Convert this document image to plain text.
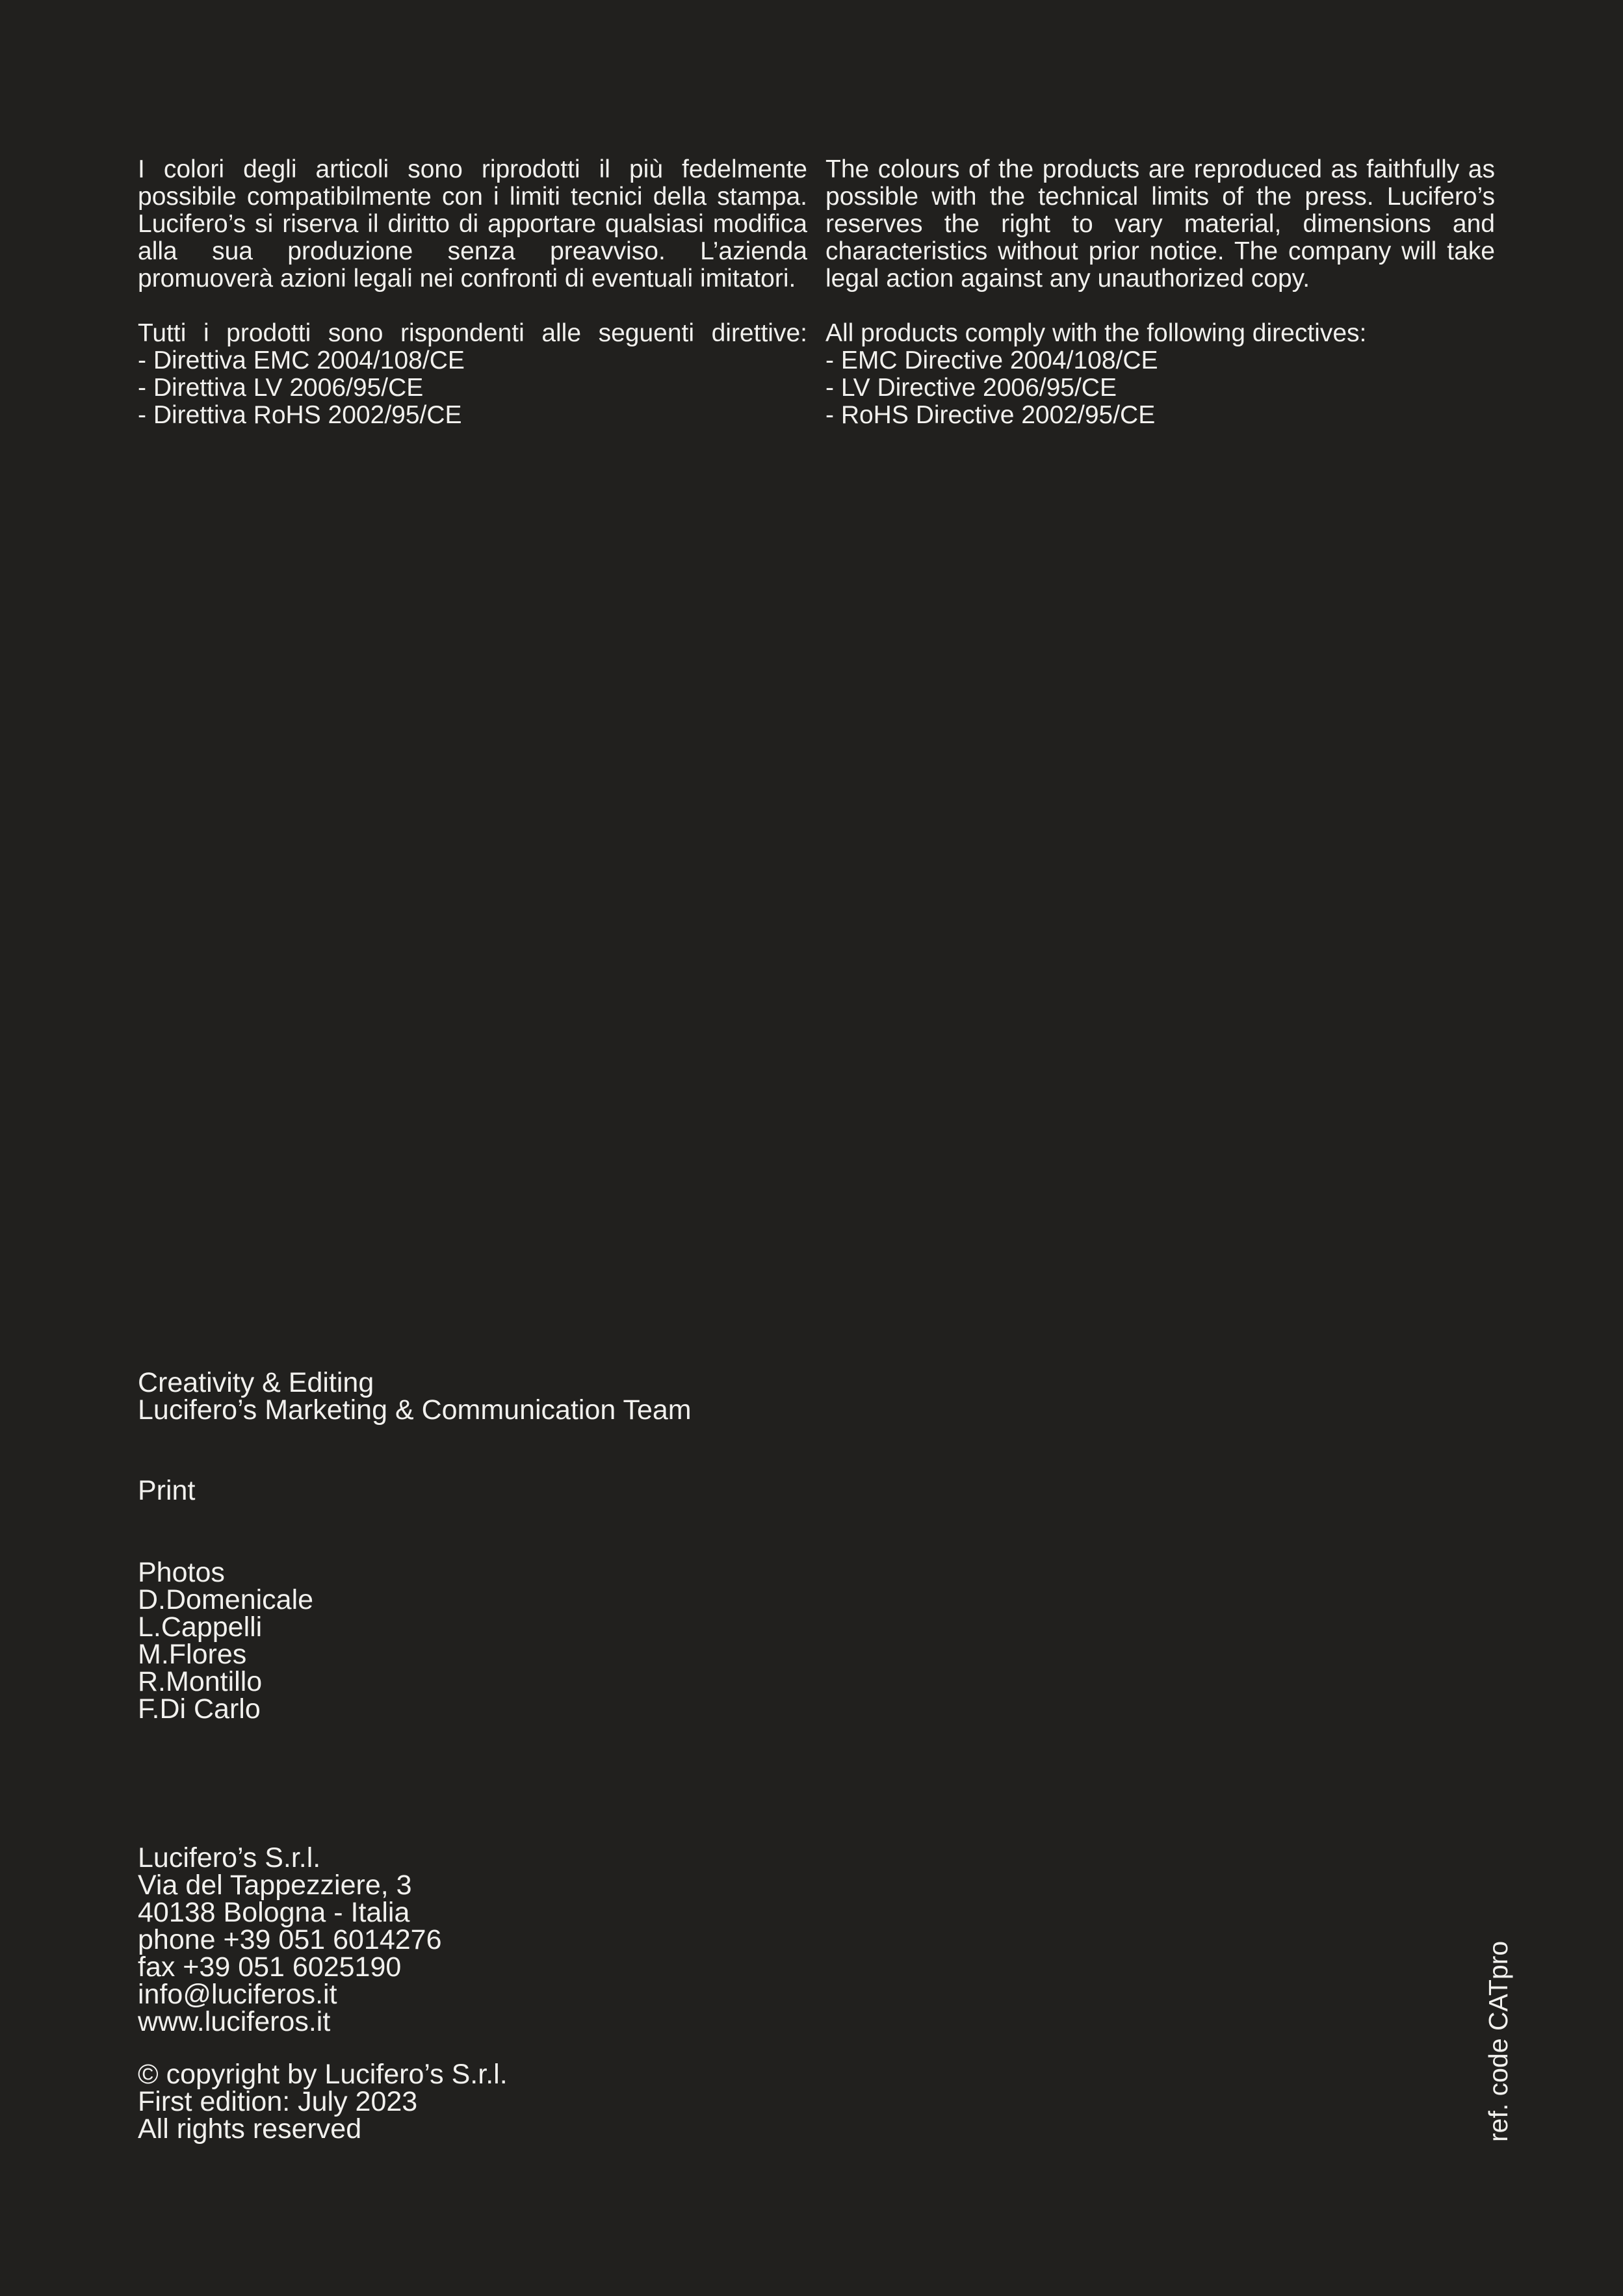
I colori degli articoli sono riprodotti il più fedelmente possibile compatibilmente con i limiti tecnici della stampa. Lucifero’s si riserva il diritto di apportare qualsiasi modifica alla sua produzione senza preavviso. L’azienda promuoverà azioni legali nei confronti di eventuali imitatori.

Tutti i prodotti sono rispondenti alle seguenti direttive:

- Direttiva EMC 2004/108/CE
- Direttiva LV 2006/95/CE
- Direttiva RoHS 2002/95/CE

The colours of the products are reproduced as faithfully as possible with the technical limits of the press. Lucifero’s reserves the right to vary material, dimensions and characteristics without prior notice. The company will take legal action against any unauthorized copy.

All products comply with the following directives:

- EMC Directive 2004/108/CE
- LV Directive 2006/95/CE
- RoHS Directive 2002/95/CE
Creativity & Editing
Lucifero’s Marketing & Communication Team
Print
Photos
D.Domenicale
L.Cappelli
M.Flores
R.Montillo
F.Di Carlo
Lucifero’s S.r.l.
Via del Tappezziere, 3
40138 Bologna - Italia
phone +39 051 6014276
fax +39 051 6025190
info@luciferos.it
www.luciferos.it
© copyright by Lucifero’s S.r.l.
First edition: July 2023
All rights reserved	ref. code CATpro
